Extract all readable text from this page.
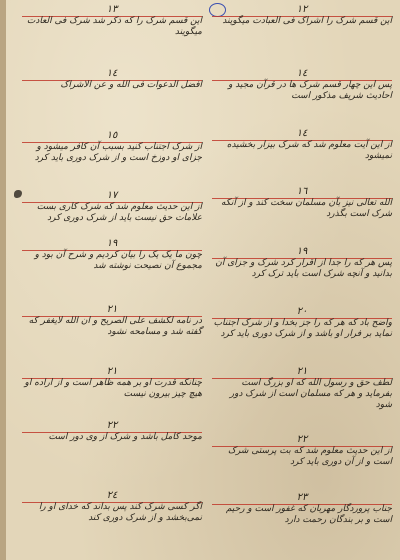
١٢
این قسم شرک را اشراک فی العبادت میگویند
١٣
این قسم شرک را که ذکر شد شرک فی العادت میگویند
١٤
پس این چهار قسم شرک ‌ها در قرآن مجید و احادیث شریف مذکور است
١٤
افضل الدعوات فی الله و عن الاشراک
١٤
از این آیت معلوم شد که شرک بیزار بخشیده نمیشود
١٥
از شرک اجتناب کنید بسبب آن کافر میشود و جزای او دوزخ است و از شرک دوری باید کرد
١٦
الله تعالی نیز بآن مسلمان سخت کند و از آنکه شرک است بگذرد
١٧
از این حدیث معلوم شد که شرک کاری بست علامات حق نیست باید از شرک دوری کرد
١٩
پس هر که را جدا از اقرار کرد شرک و جزای آن بدانید و آنچه شرک است باید ترک کرد
١٩
چون ما یک یک را بیان کردیم و شرح آن بود و مجموع آن نصیحت نوشته شد
٢٠
واضح باد که هر که را جز بخدا و از شرک اجتناب نماید بر فرار او باشد و از شرک دوری باید کرد
٢١
در نامه لکشف علی الصریح و ان الله لایغفر که گفته شد و مسامحه نشود
٢١
لطف حق و رسول الله که او بزرگ است بفرماید و هر که مسلمان است از شرک دور شود
٢١
چنانکه قدرت او بر همه ظاهر است و از اراده او هیچ چیز بیرون نیست
٢٢
از این حدیث معلوم شد که بت پرستی شرک است و از آن دوری باید کرد
٢٢
موحد کامل باشد و شرک از وی دور است
٢٣
جناب پروردگار مهربان که غفور است و رحیم است و بر بندگان رحمت دارد
٢٤
اگر کسی شرک کند پس بداند که خدای او را نمی‌بخشد و از شرک دوری کند
